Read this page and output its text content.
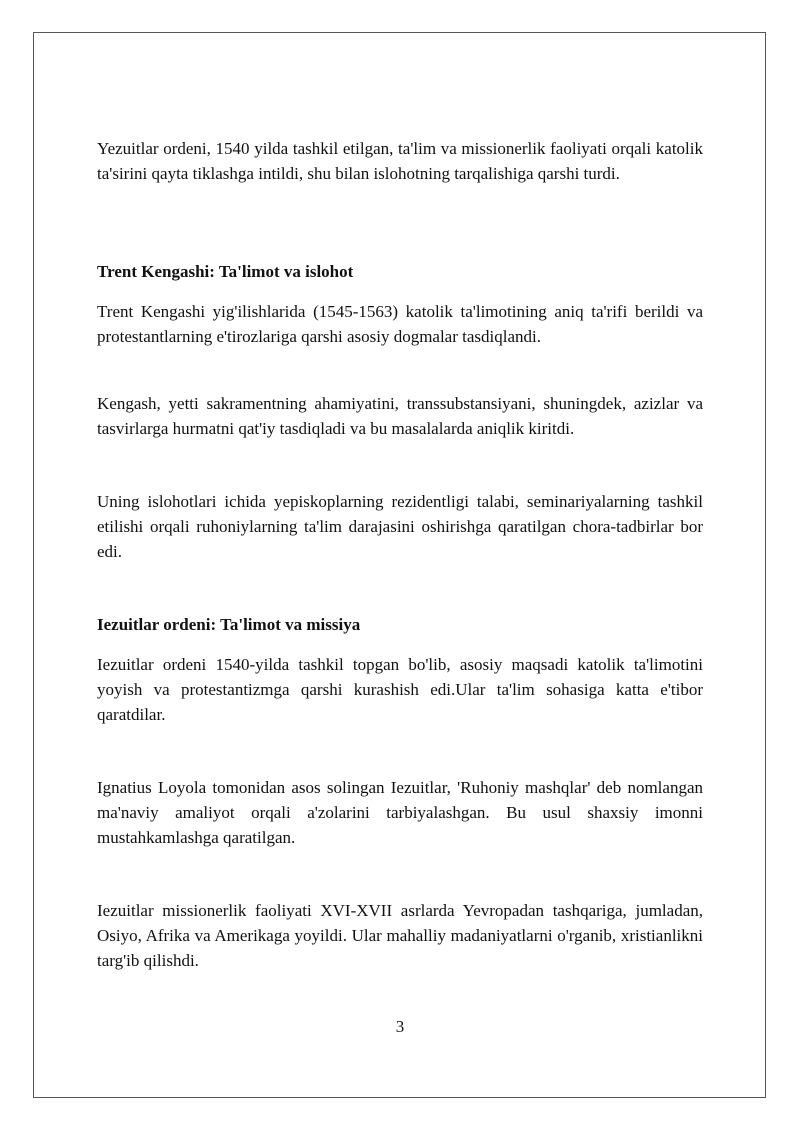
Yezuitlar ordeni, 1540 yilda tashkil etilgan, ta'lim va missionerlik faoliyati orqali katolik ta'sirini qayta tiklashga intildi, shu bilan islohotning tarqalishiga qarshi turdi.

Trent Kengashi: Ta'limot va islohot

Trent Kengashi yig'ilishlarida (1545-1563) katolik ta'limotining aniq ta'rifi berildi va protestantlarning e'tirozlariga qarshi asosiy dogmalar tasdiqlandi.

Kengash, yetti sakramentning ahamiyatini, transsubstansiyani, shuningdek, azizlar va tasvirlarga hurmatni qat'iy tasdiqladi va bu masalalarda aniqlik kiritdi.

Uning islohotlari ichida yepiskoplarning rezidentligi talabi, seminariyalarning tashkil etilishi orqali ruhoniylarning ta'lim darajasini oshirishga qaratilgan chora-tadbirlar bor edi.

Iezuitlar ordeni: Ta'limot va missiya

Iezuitlar ordeni 1540-yilda tashkil topgan bo'lib, asosiy maqsadi katolik ta'limotini yoyish va protestantizmga qarshi kurashish edi.Ular ta'lim sohasiga katta e'tibor qaratdilar.

Ignatius Loyola tomonidan asos solingan Iezuitlar, 'Ruhoniy mashqlar' deb nomlangan ma'naviy amaliyot orqali a'zolarini tarbiyalashgan. Bu usul shaxsiy imonni mustahkamlashga qaratilgan.

Iezuitlar missionerlik faoliyati XVI-XVII asrlarda Yevropadan tashqariga, jumladan, Osiyo, Afrika va Amerikaga yoyildi. Ular mahalliy madaniyatlarni o'rganib, xristianlikni targ'ib qilishdi.

3
